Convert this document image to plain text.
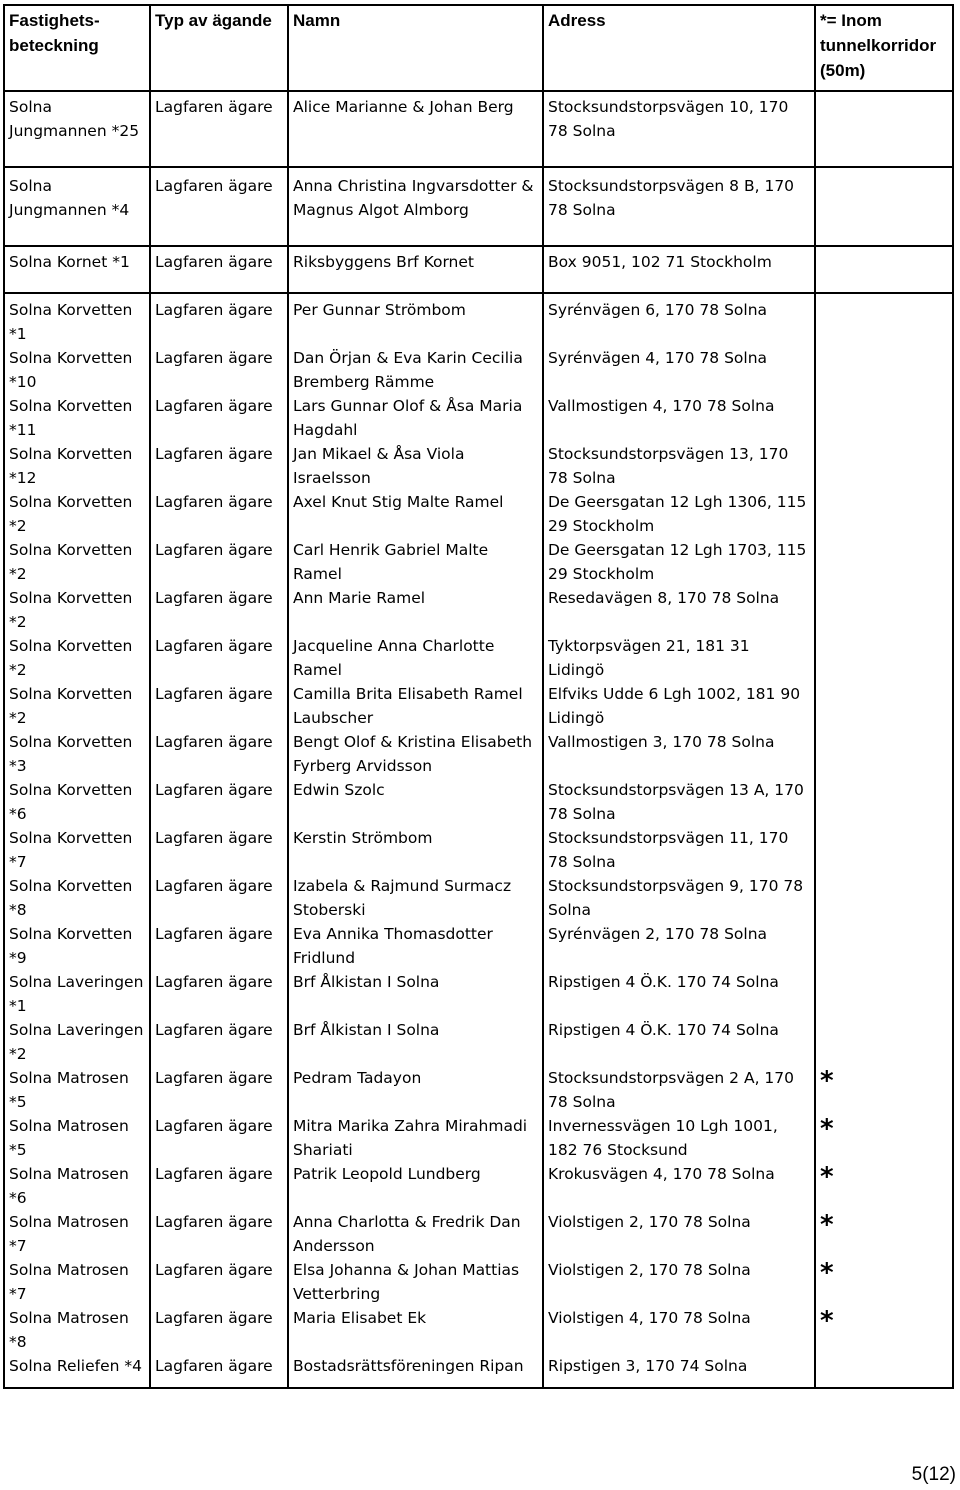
Fastighets-beteckning	Typ av ägande	Namn	Adress	*= Inom tunnelkorridor (50m)
Solna Jungmannen *25	Lagfaren ägare	Alice Marianne & Johan Berg	Stocksundstorpsvägen 10, 170 78 Solna	
Solna Jungmannen *4	Lagfaren ägare	Anna Christina Ingvarsdotter & Magnus Algot Almborg	Stocksundstorpsvägen 8 B, 170 78 Solna	
Solna Kornet *1	Lagfaren ägare	Riksbyggens Brf Kornet	Box 9051, 102 71 Stockholm	
Solna Korvetten *1	Lagfaren ägare	Per Gunnar Strömbom	Syrénvägen 6, 170 78 Solna	
Solna Korvetten *10	Lagfaren ägare	Dan Örjan & Eva Karin Cecilia Bremberg Rämme	Syrénvägen 4, 170 78 Solna	
Solna Korvetten *11	Lagfaren ägare	Lars Gunnar Olof & Åsa Maria Hagdahl	Vallmostigen 4, 170 78 Solna	
Solna Korvetten *12	Lagfaren ägare	Jan Mikael & Åsa Viola Israelsson	Stocksundstorpsvägen 13, 170 78 Solna	
Solna Korvetten *2	Lagfaren ägare	Axel Knut Stig Malte Ramel	De Geersgatan 12 Lgh 1306, 115 29 Stockholm	
Solna Korvetten *2	Lagfaren ägare	Carl Henrik Gabriel Malte Ramel	De Geersgatan 12 Lgh 1703, 115 29 Stockholm	
Solna Korvetten *2	Lagfaren ägare	Ann Marie Ramel	Resedavägen 8, 170 78 Solna	
Solna Korvetten *2	Lagfaren ägare	Jacqueline Anna Charlotte Ramel	Tyktorpsvägen 21, 181 31 Lidingö	
Solna Korvetten *2	Lagfaren ägare	Camilla Brita Elisabeth Ramel Laubscher	Elfviks Udde 6 Lgh 1002, 181 90 Lidingö	
Solna Korvetten *3	Lagfaren ägare	Bengt Olof & Kristina Elisabeth Fyrberg Arvidsson	Vallmostigen 3, 170 78 Solna	
Solna Korvetten *6	Lagfaren ägare	Edwin Szolc	Stocksundstorpsvägen 13 A, 170 78 Solna	
Solna Korvetten *7	Lagfaren ägare	Kerstin Strömbom	Stocksundstorpsvägen 11, 170 78 Solna	
Solna Korvetten *8	Lagfaren ägare	Izabela & Rajmund Surmacz Stoberski	Stocksundstorpsvägen 9, 170 78 Solna	
Solna Korvetten *9	Lagfaren ägare	Eva Annika Thomasdotter Fridlund	Syrénvägen 2, 170 78 Solna	
Solna Laveringen *1	Lagfaren ägare	Brf Ålkistan I Solna	Ripstigen 4 Ö.K. 170 74 Solna	
Solna Laveringen *2	Lagfaren ägare	Brf Ålkistan I Solna	Ripstigen 4 Ö.K. 170 74 Solna	
Solna Matrosen *5	Lagfaren ägare	Pedram Tadayon	Stocksundstorpsvägen 2 A, 170 78 Solna	*
Solna Matrosen *5	Lagfaren ägare	Mitra Marika Zahra Mirahmadi Shariati	Invernessvägen 10 Lgh 1001, 182 76 Stocksund	*
Solna Matrosen *6	Lagfaren ägare	Patrik Leopold Lundberg	Krokusvägen 4, 170 78 Solna	*
Solna Matrosen *7	Lagfaren ägare	Anna Charlotta & Fredrik Dan Andersson	Violstigen 2, 170 78 Solna	*
Solna Matrosen *7	Lagfaren ägare	Elsa Johanna & Johan Mattias Vetterbring	Violstigen 2, 170 78 Solna	*
Solna Matrosen *8	Lagfaren ägare	Maria Elisabet Ek	Violstigen 4, 170 78 Solna	*
Solna Reliefen *4	Lagfaren ägare	Bostadsrättsföreningen Ripan	Ripstigen 3, 170 74 Solna	
5(12)
